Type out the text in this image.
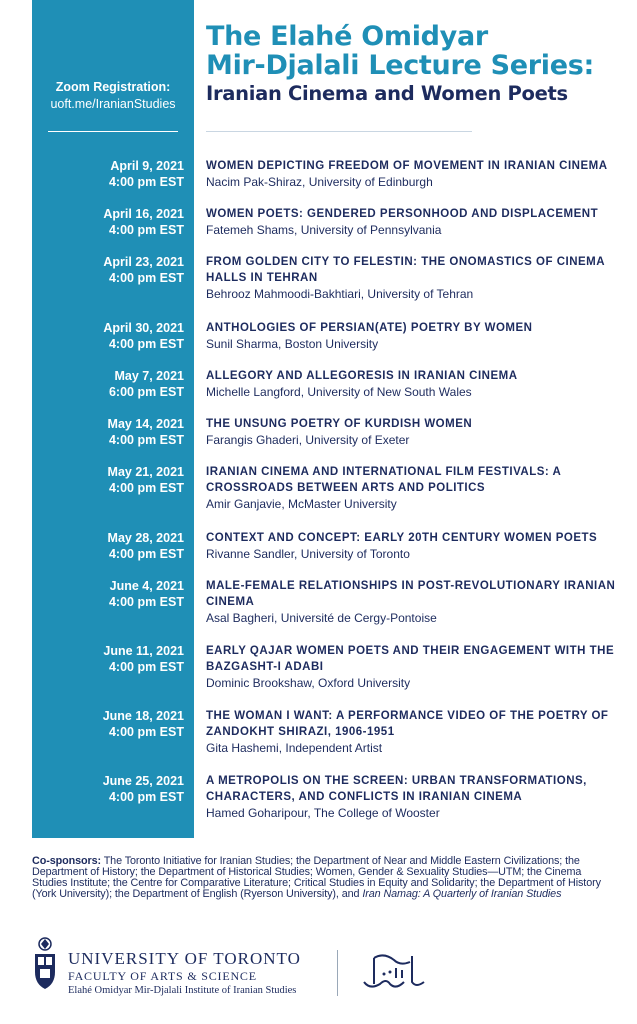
Zoom Registration:
uoft.me/IranianStudies
The Elahé Omidyar
Mir-Djalali Lecture Series:
Iranian Cinema and Women Poets
April 9, 2021
4:00 pm EST
WOMEN DEPICTING FREEDOM OF MOVEMENT IN IRANIAN CINEMA
Nacim Pak-Shiraz, University of Edinburgh
April 16, 2021
4:00 pm EST
WOMEN POETS: GENDERED PERSONHOOD AND DISPLACEMENT
Fatemeh Shams, University of Pennsylvania
April 23, 2021
4:00 pm EST
FROM GOLDEN CITY TO FELESTIN: THE ONOMASTICS OF CINEMA HALLS IN TEHRAN
Behrooz Mahmoodi-Bakhtiari, University of Tehran
April 30, 2021
4:00 pm EST
ANTHOLOGIES OF PERSIAN(ATE) POETRY BY WOMEN
Sunil Sharma, Boston University
May 7, 2021
6:00 pm EST
ALLEGORY AND ALLEGORESIS IN IRANIAN CINEMA
Michelle Langford, University of New South Wales
May 14, 2021
4:00 pm EST
THE UNSUNG POETRY OF KURDISH WOMEN
Farangis Ghaderi, University of Exeter
May 21, 2021
4:00 pm EST
IRANIAN CINEMA AND INTERNATIONAL FILM FESTIVALS: A CROSSROADS BETWEEN ARTS AND POLITICS
Amir Ganjavie, McMaster University
May 28, 2021
4:00 pm EST
CONTEXT AND CONCEPT: EARLY 20TH CENTURY WOMEN POETS
Rivanne Sandler, University of Toronto
June 4, 2021
4:00 pm EST
MALE-FEMALE RELATIONSHIPS IN POST-REVOLUTIONARY IRANIAN CINEMA
Asal Bagheri, Université de Cergy-Pontoise
June 11, 2021
4:00 pm EST
EARLY QAJAR WOMEN POETS AND THEIR ENGAGEMENT WITH THE BAZGASHT-I ADABI
Dominic Brookshaw, Oxford University
June 18, 2021
4:00 pm EST
THE WOMAN I WANT: A PERFORMANCE VIDEO OF THE POETRY OF ZANDOKHT SHIRAZI, 1906-1951
Gita Hashemi, Independent Artist
June 25, 2021
4:00 pm EST
A METROPOLIS ON THE SCREEN: URBAN TRANSFORMATIONS, CHARACTERS, AND CONFLICTS IN IRANIAN CINEMA
Hamed Goharipour, The College of Wooster

Co-sponsors: The Toronto Initiative for Iranian Studies; the Department of Near and Middle Eastern Civilizations; the Department of History; the Department of Historical Studies; Women, Gender & Sexuality Studies—UTM; the Cinema Studies Institute; the Centre for Comparative Literature; Critical Studies in Equity and Solidarity; the Department of History (York University); the Department of English (Ryerson University), and Iran Namag: A Quarterly of Iranian Studies

UNIVERSITY OF TORONTO
FACULTY OF ARTS & SCIENCE
Elahé Omidyar Mir-Djalali Institute of Iranian Studies
